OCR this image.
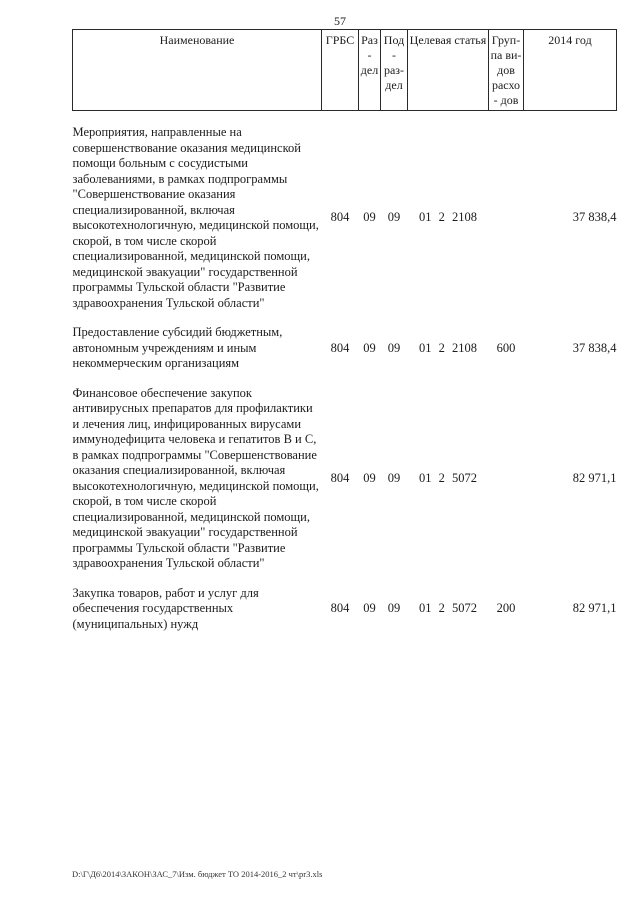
57
Наименование	ГРБС	Раз- дел	Под- раз- дел	Целевая статья	Груп- па ви- дов расхо- дов	2014 год

Мероприятия, направленные на совершенствование оказания медицинской помощи больным с сосудистыми заболеваниями, в рамках подпрограммы "Совершенствование оказания специализированной, включая высокотехнологичную, медицинской помощи, скорой, в том числе скорой специализированной, медицинской помощи, медицинской эвакуации" государственной программы Тульской области "Развитие здравоохранения Тульской области"	804	09	09	01 2 2108		37 838,4

Предоставление субсидий бюджетным, автономным учреждениям и иным некоммерческим организациям	804	09	09	01 2 2108	600	37 838,4

Финансовое обеспечение закупок антивирусных препаратов для профилактики и лечения лиц, инфицированных вирусами иммунодефицита человека и гепатитов В и С, в рамках подпрограммы "Совершенствование оказания специализированной, включая высокотехнологичную, медицинской помощи, скорой, в том числе скорой специализированной, медицинской помощи, медицинской эвакуации" государственной программы Тульской области "Развитие здравоохранения Тульской области"	804	09	09	01 2 5072		82 971,1

Закупка товаров, работ и услуг для обеспечения государственных (муниципальных) нужд	804	09	09	01 2 5072	200	82 971,1
D:\Г\Д6\2014\ЗАКОН\ЗАС_7\Изм. бюджет ТО 2014-2016_2 чт\pr3.xls
